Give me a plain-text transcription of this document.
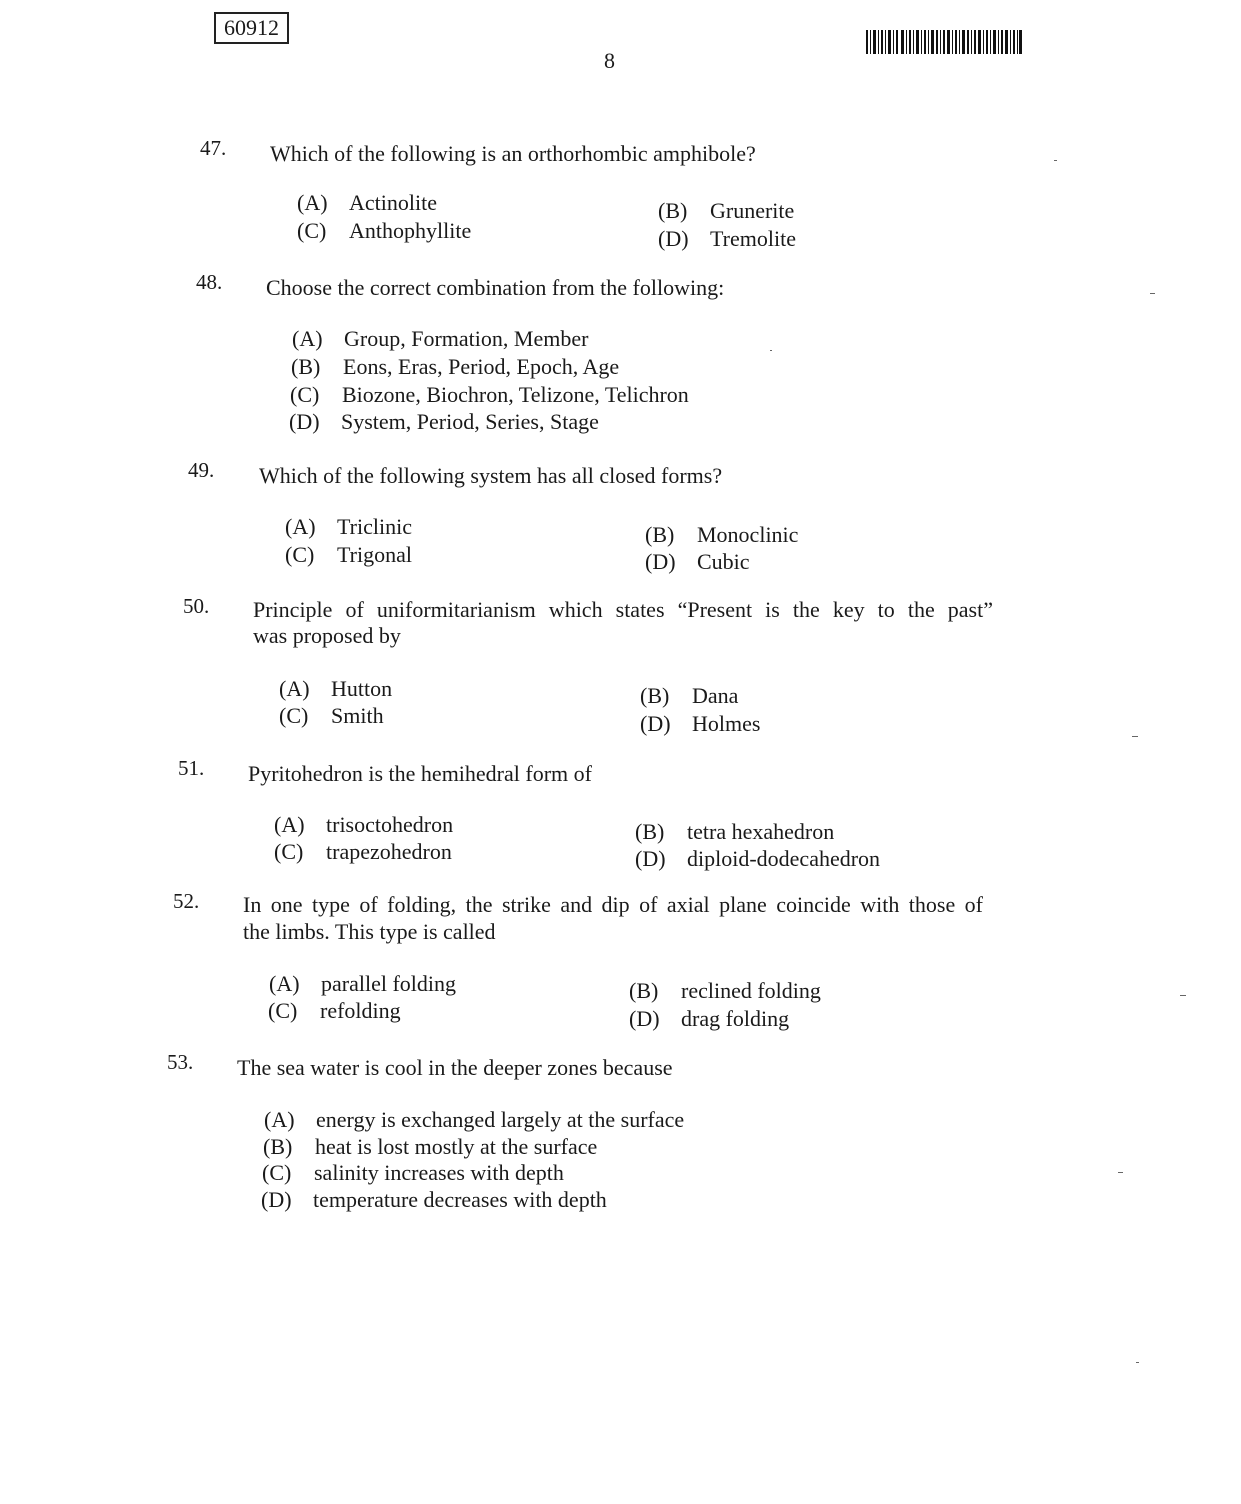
60912
8
47. Which of the following is an orthorhombic amphibole?
(A) Actinolite	(B) Grunerite
(C) Anthophyllite	(D) Tremolite
48. Choose the correct combination from the following:
(A) Group, Formation, Member
(B) Eons, Eras, Period, Epoch, Age
(C) Biozone, Biochron, Telizone, Telichron
(D) System, Period, Series, Stage
49. Which of the following system has all closed forms?
(A) Triclinic	(B) Monoclinic
(C) Trigonal	(D) Cubic
50. Principle of uniformitarianism which states “Present is the key to the past”
was proposed by
(A) Hutton	(B) Dana
(C) Smith	(D) Holmes
51. Pyritohedron is the hemihedral form of
(A) trisoctohedron	(B) tetra hexahedron
(C) trapezohedron	(D) diploid-dodecahedron
52. In one type of folding, the strike and dip of axial plane coincide with those of
the limbs. This type is called
(A) parallel folding	(B) reclined folding
(C) refolding	(D) drag folding
53. The sea water is cool in the deeper zones because
(A) energy is exchanged largely at the surface
(B) heat is lost mostly at the surface
(C) salinity increases with depth
(D) temperature decreases with depth
